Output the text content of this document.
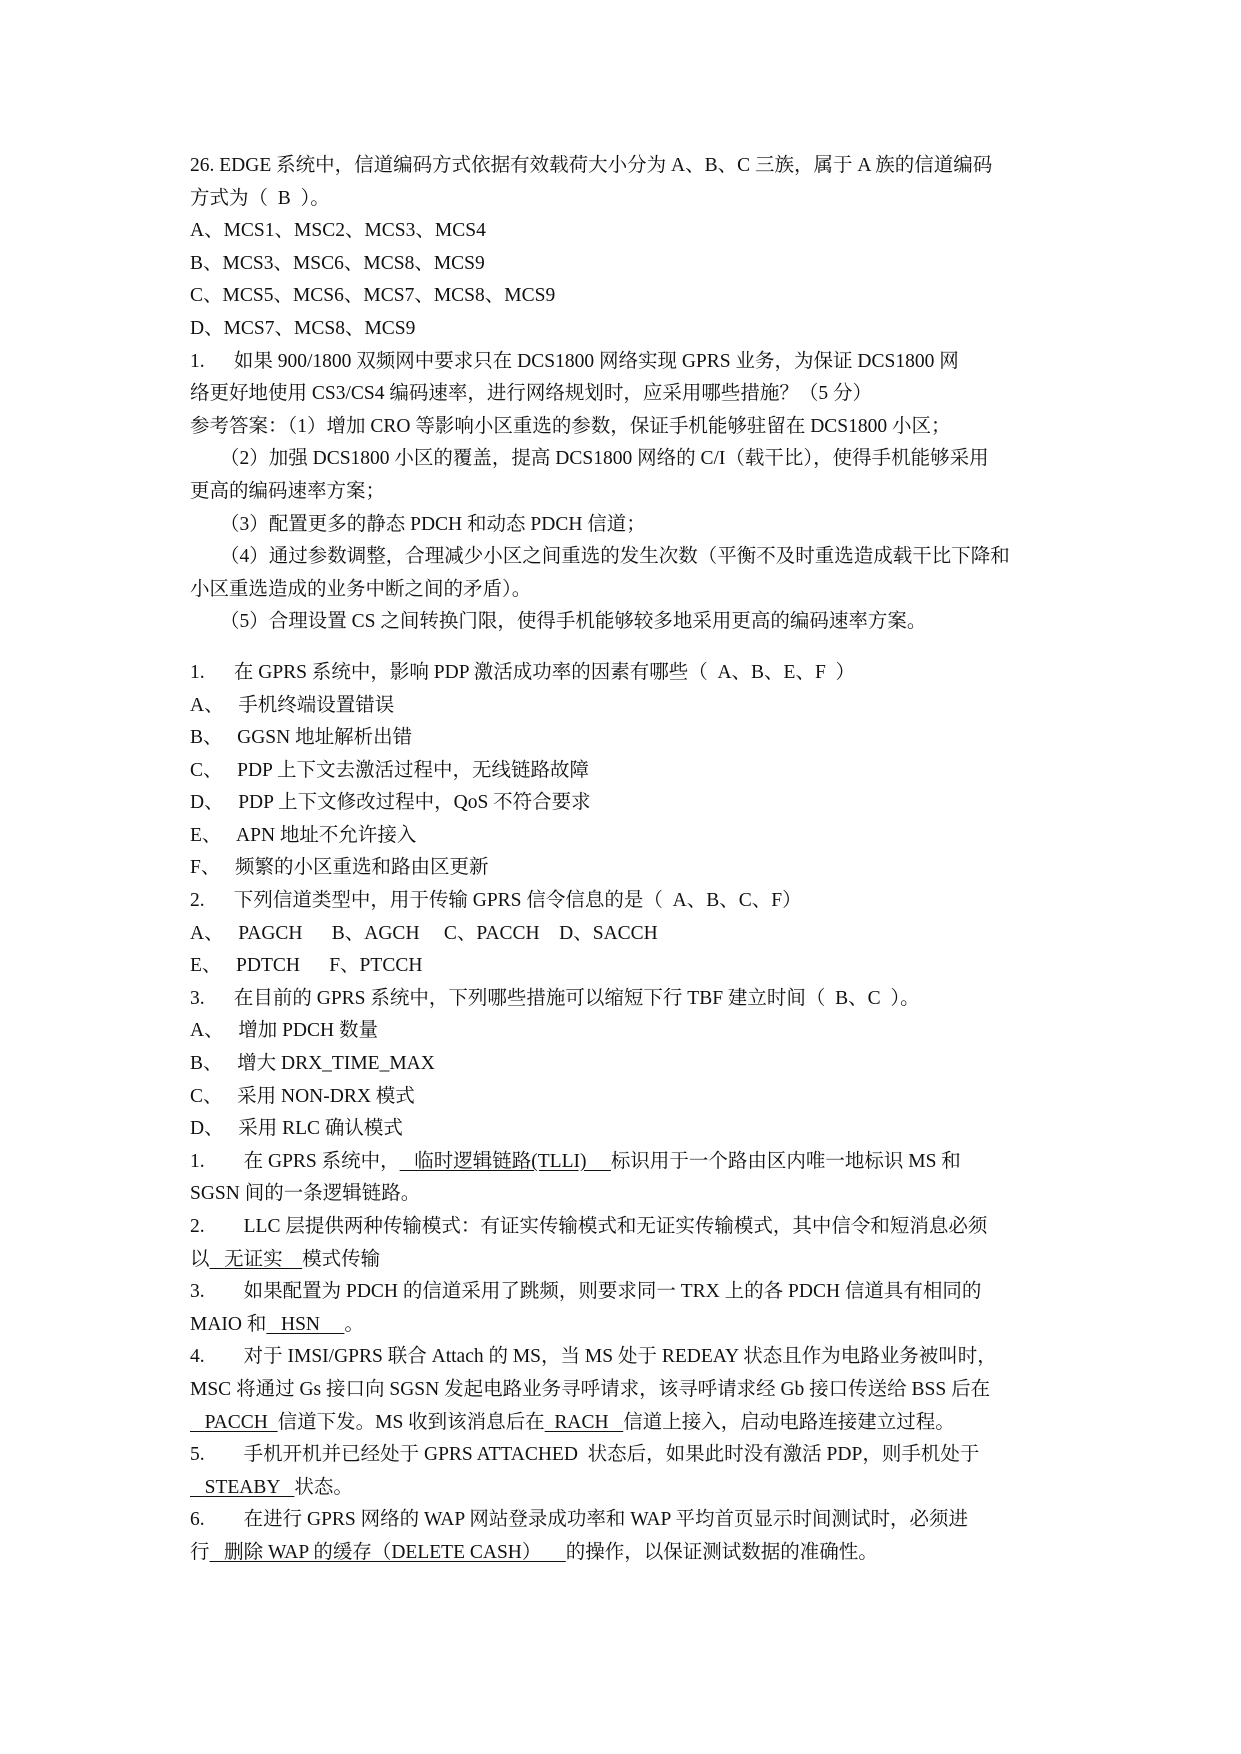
26. EDGE 系统中，信道编码方式依据有效载荷大小分为 A、B、C 三族，属于 A 族的信道编码

方式为（  B  ）。

A、MCS1、MSC2、MCS3、MCS4

B、MCS3、MSC6、MCS8、MCS9

C、MCS5、MCS6、MCS7、MCS8、MCS9

D、MCS7、MCS8、MCS9

1.      如果 900/1800 双频网中要求只在 DCS1800 网络实现 GPRS 业务，为保证 DCS1800 网

络更好地使用 CS3/CS4 编码速率，进行网络规划时，应采用哪些措施？（5 分）

参考答案：（1）增加 CRO 等影响小区重选的参数，保证手机能够驻留在 DCS1800 小区；

（2）加强 DCS1800 小区的覆盖，提高 DCS1800 网络的 C/I（载干比），使得手机能够采用

更高的编码速率方案；

（3）配置更多的静态 PDCH 和动态 PDCH 信道；

（4）通过参数调整，合理减少小区之间重选的发生次数（平衡不及时重选造成载干比下降和

小区重选造成的业务中断之间的矛盾）。

（5）合理设置 CS 之间转换门限，使得手机能够较多地采用更高的编码速率方案。

1.      在 GPRS 系统中，影响 PDP 激活成功率的因素有哪些（  A、B、E、F  ）

A、   手机终端设置错误

B、   GGSN 地址解析出错

C、   PDP 上下文去激活过程中，无线链路故障

D、   PDP 上下文修改过程中，QoS 不符合要求

E、   APN 地址不允许接入

F、   频繁的小区重选和路由区更新

2.      下列信道类型中，用于传输 GPRS 信令信息的是（  A、B、C、F）

A、   PAGCH      B、AGCH     C、PACCH    D、SACCH

E、   PDTCH      F、PTCCH

3.      在目前的 GPRS 系统中，下列哪些措施可以缩短下行 TBF 建立时间（  B、C  ）。

A、   增加 PDCH 数量

B、   增大 DRX_TIME_MAX

C、   采用 NON-DRX 模式

D、   采用 RLC 确认模式

1.        在 GPRS 系统中，   临时逻辑链路(TLLI)     标识用于一个路由区内唯一地标识 MS 和

SGSN 间的一条逻辑链路。

2.        LLC 层提供两种传输模式：有证实传输模式和无证实传输模式，其中信令和短消息必须

以   无证实    模式传输

3.        如果配置为 PDCH 的信道采用了跳频，则要求同一 TRX 上的各 PDCH 信道具有相同的

MAIO 和   HSN     。

4.        对于 IMSI/GPRS 联合 Attach 的 MS，当 MS 处于 REDEAY 状态且作为电路业务被叫时，

MSC 将通过 Gs 接口向 SGSN 发起电路业务寻呼请求，该寻呼请求经 Gb 接口传送给 BSS 后在

PACCH  信道下发。MS 收到该消息后在  RACH   信道上接入，启动电路连接建立过程。

5.        手机开机并已经处于 GPRS ATTACHED  状态后，如果此时没有激活 PDP，则手机处于

STEABY   状态。

6.        在进行 GPRS 网络的 WAP 网站登录成功率和 WAP 平均首页显示时间测试时，必须进

行   删除 WAP 的缓存（DELETE CASH）     的操作，以保证测试数据的准确性。
